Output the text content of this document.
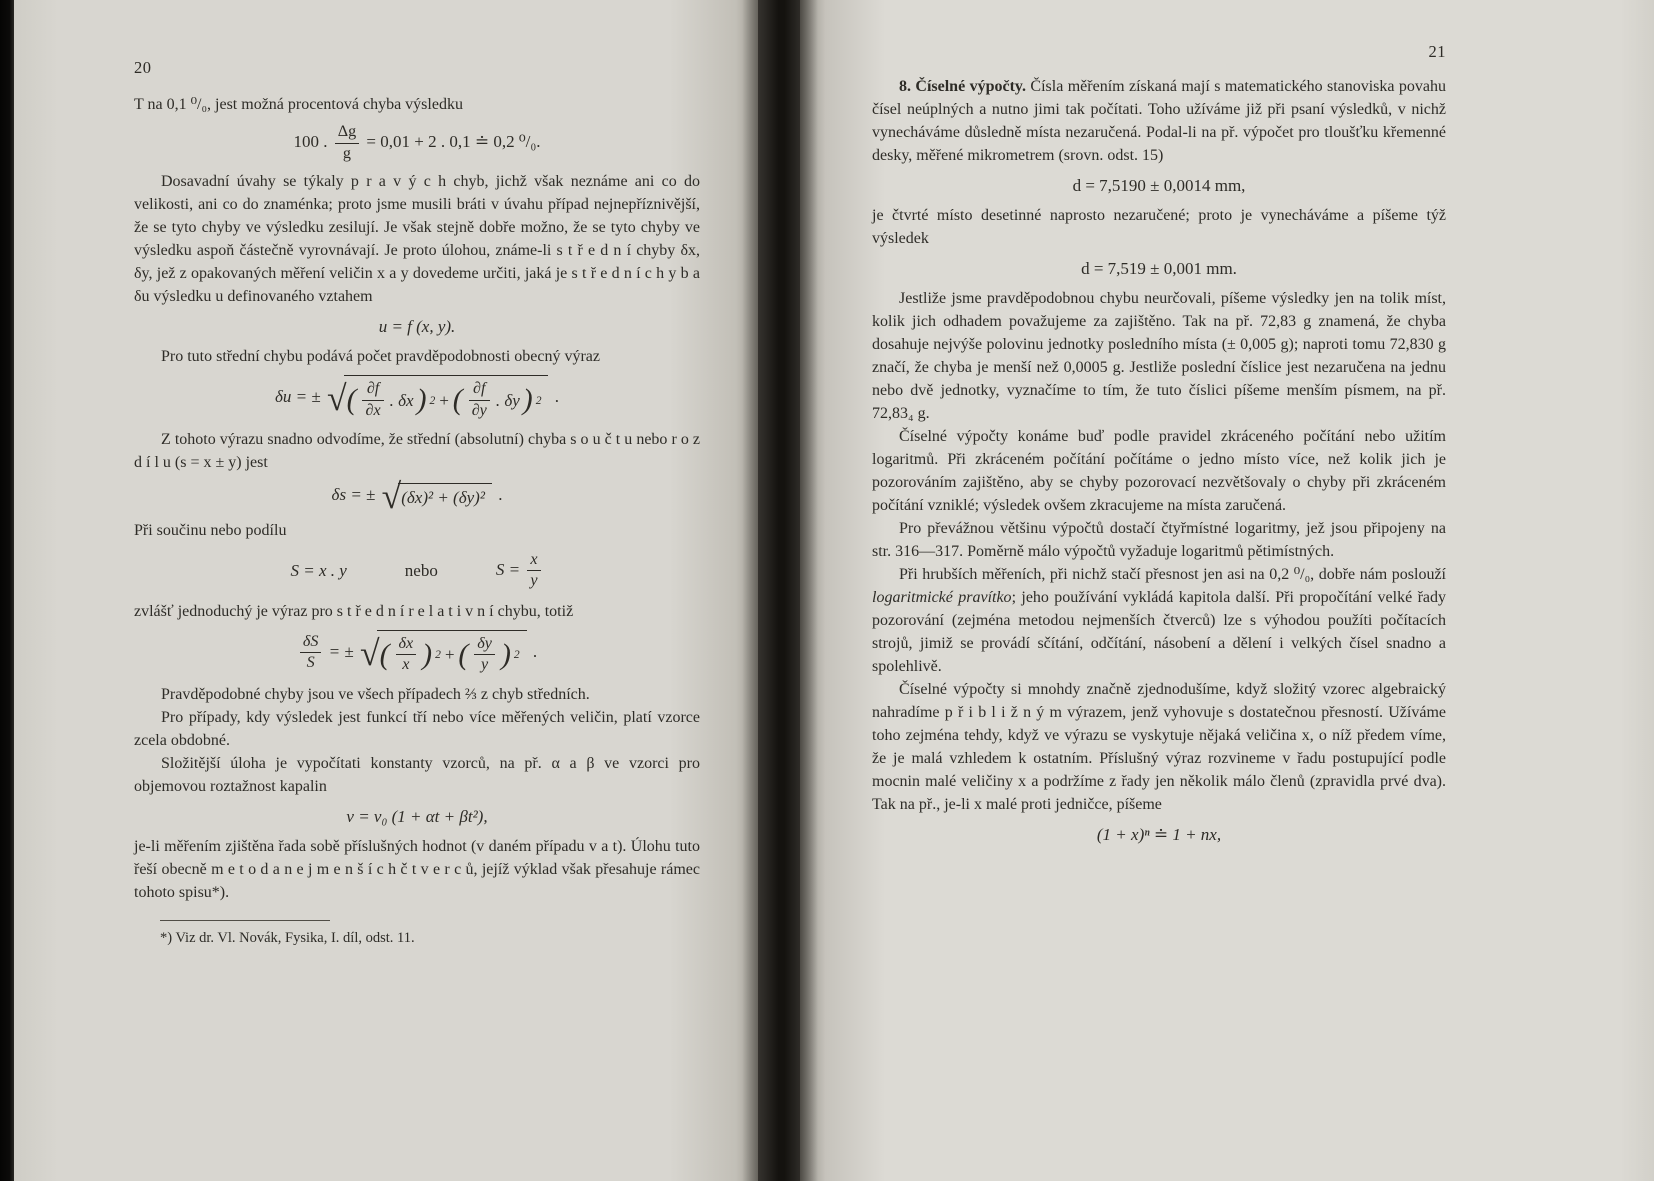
20

T na 0,1 ⁰/₀, jest možná procentová chyba výsledku

100 . $\frac{\Delta g}{g} = 0,01 + 2$ . 0,1 ≐ 0,2 ⁰/₀.

Dosavadní úvahy se týkaly p r a v ý c h chyb, jichž však neznáme ani co do velikosti, ani co do znaménka; proto jsme musili bráti v úvahu případ nejnepříznivější, že se tyto chyby ve výsledku zesilují. Je však stejně dobře možno, že se tyto chyby ve výsledku aspoň částečně vyrovnávají. Je proto úlohou, známe-li s t ř e d n í chyby δx, δy, jež z opakovaných měření veličin x a y dovedeme určiti, jaká je s t ř e d n í c h y b a δu výsledku u definovaného vztahem

u = f (x, y).

Pro tuto střední chybu podává počet pravděpodobnosti obecný výraz

δu = ± √ ( $\frac{\partial f}{\partial x}$ . δx ) 2 + ( $\frac{\partial f}{\partial y}$ . δy ) 2 .

Z tohoto výrazu snadno odvodíme, že střední (absolutní) chyba s o u č t u nebo r o z d í l u (s = x ± y) jest

δs = ± √ (δx)² + (δy)² .

Při součinu nebo podílu

S = x . y	nebo	$S = \frac{x}{y}$

zvlášť jednoduchý je výraz pro s t ř e d n í r e l a t i v n í chybu, totiž

$\frac{\delta S}{S}$ = ± √ ( $\frac{\delta x}{x}$ ) 2 + ( $\frac{\delta y}{y}$ ) 2 .

Pravděpodobné chyby jsou ve všech případech ⅔ z chyb středních.

Pro případy, kdy výsledek jest funkcí tří nebo více měřených veličin, platí vzorce zcela obdobné.

Složitější úloha je vypočítati konstanty vzorců, na př. α a β ve vzorci pro objemovou roztažnost kapalin

v = v₀ (1 + αt + βt²),

je-li měřením zjištěna řada sobě příslušných hodnot (v daném případu v a t). Úlohu tuto řeší obecně m e t o d a n e j m e n š í c h č t v e r c ů, jejíž výklad však přesahuje rámec tohoto spisu*).

*) Viz dr. Vl. Novák, Fysika, I. díl, odst. 11.

21

8. Číselné výpočty. Čísla měřením získaná mají s matematického stanoviska povahu čísel neúplných a nutno jimi tak počítati. Toho užíváme již při psaní výsledků, v nichž vynecháváme důsledně místa nezaručená. Podal-li na př. výpočet pro tloušťku křemenné desky, měřené mikrometrem (srovn. odst. 15)

d = 7,5190 ± 0,0014 mm,

je čtvrté místo desetinné naprosto nezaručené; proto je vynecháváme a píšeme týž výsledek

d = 7,519 ± 0,001 mm.

Jestliže jsme pravděpodobnou chybu neurčovali, píšeme výsledky jen na tolik míst, kolik jich odhadem považujeme za zajištěno. Tak na př. 72,83 g znamená, že chyba dosahuje nejvýše polovinu jednotky posledního místa (± 0,005 g); naproti tomu 72,830 g značí, že chyba je menší než 0,0005 g. Jestliže poslední číslice jest nezaručena na jednu nebo dvě jednotky, vyznačíme to tím, že tuto číslici píšeme menším písmem, na př. 72,83₄ g.

Číselné výpočty konáme buď podle pravidel zkráceného počítání nebo užitím logaritmů. Při zkráceném počítání počítáme o jedno místo více, než kolik jich je pozorováním zajištěno, aby se chyby pozorovací nezvětšovaly o chyby při zkráceném počítání vzniklé; výsledek ovšem zkracujeme na místa zaručená.

Pro převážnou většinu výpočtů dostačí čtyřmístné logaritmy, jež jsou připojeny na str. 316—317. Poměrně málo výpočtů vyžaduje logaritmů pětimístných.

Při hrubších měřeních, při nichž stačí přesnost jen asi na 0,2 ⁰/₀, dobře nám poslouží logaritmické pravítko; jeho používání vykládá kapitola další. Při propočítání velké řady pozorování (zejména metodou nejmenších čtverců) lze s výhodou použíti počítacích strojů, jimiž se provádí sčítání, odčítání, násobení a dělení i velkých čísel snadno a spolehlivě.

Číselné výpočty si mnohdy značně zjednodušíme, když složitý vzorec algebraický nahradíme p ř i b l i ž n ý m výrazem, jenž vyhovuje s dostatečnou přesností. Užíváme toho zejména tehdy, když ve výrazu se vyskytuje nějaká veličina x, o níž předem víme, že je malá vzhledem k ostatním. Příslušný výraz rozvineme v řadu postupující podle mocnin malé veličiny x a podržíme z řady jen několik málo členů (zpravidla prvé dva). Tak na př., je-li x malé proti jedničce, píšeme

(1 + x)ⁿ ≐ 1 + nx,
